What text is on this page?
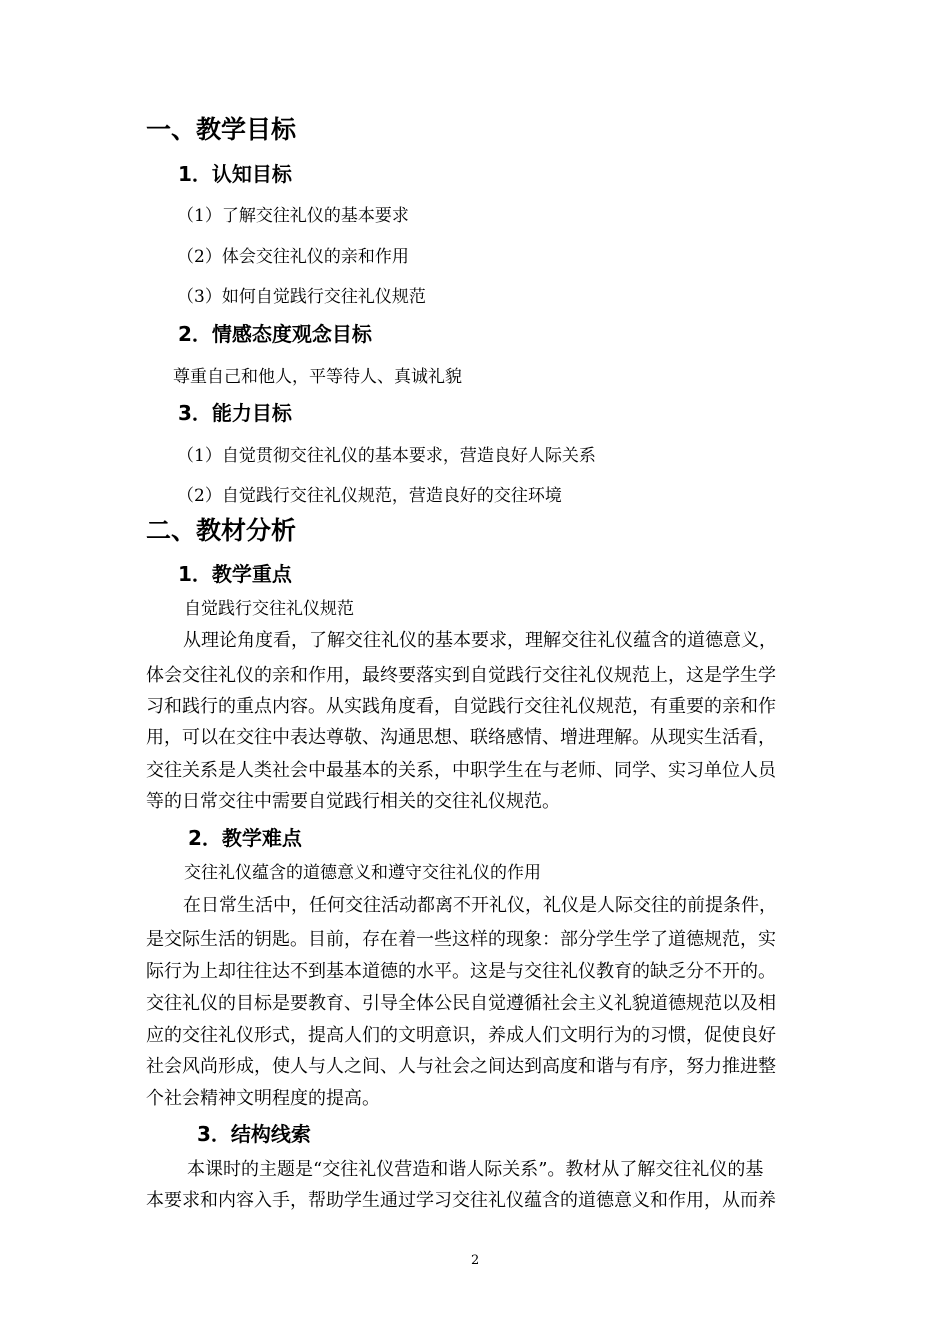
一、教学目标
1．认知目标
（1）了解交往礼仪的基本要求
（2）体会交往礼仪的亲和作用
（3）如何自觉践行交往礼仪规范
2．情感态度观念目标
尊重自己和他人，平等待人、真诚礼貌
3．能力目标
（1）自觉贯彻交往礼仪的基本要求，营造良好人际关系
（2）自觉践行交往礼仪规范，营造良好的交往环境
二、教材分析
1．教学重点
自觉践行交往礼仪规范
从理论角度看，了解交往礼仪的基本要求，理解交往礼仪蕴含的道德意义，
体会交往礼仪的亲和作用，最终要落实到自觉践行交往礼仪规范上，这是学生学
习和践行的重点内容。从实践角度看，自觉践行交往礼仪规范，有重要的亲和作
用，可以在交往中表达尊敬、沟通思想、联络感情、增进理解。从现实生活看，
交往关系是人类社会中最基本的关系，中职学生在与老师、同学、实习单位人员
等的日常交往中需要自觉践行相关的交往礼仪规范。
2．教学难点
交往礼仪蕴含的道德意义和遵守交往礼仪的作用
在日常生活中，任何交往活动都离不开礼仪，礼仪是人际交往的前提条件，
是交际生活的钥匙。目前，存在着一些这样的现象：部分学生学了道德规范，实
际行为上却往往达不到基本道德的水平。这是与交往礼仪教育的缺乏分不开的。
交往礼仪的目标是要教育、引导全体公民自觉遵循社会主义礼貌道德规范以及相
应的交往礼仪形式，提高人们的文明意识，养成人们文明行为的习惯，促使良好
社会风尚形成，使人与人之间、人与社会之间达到高度和谐与有序，努力推进整
个社会精神文明程度的提高。
3．结构线索
本课时的主题是“交往礼仪营造和谐人际关系”。教材从了解交往礼仪的基
本要求和内容入手，帮助学生通过学习交往礼仪蕴含的道德意义和作用，从而养
2
